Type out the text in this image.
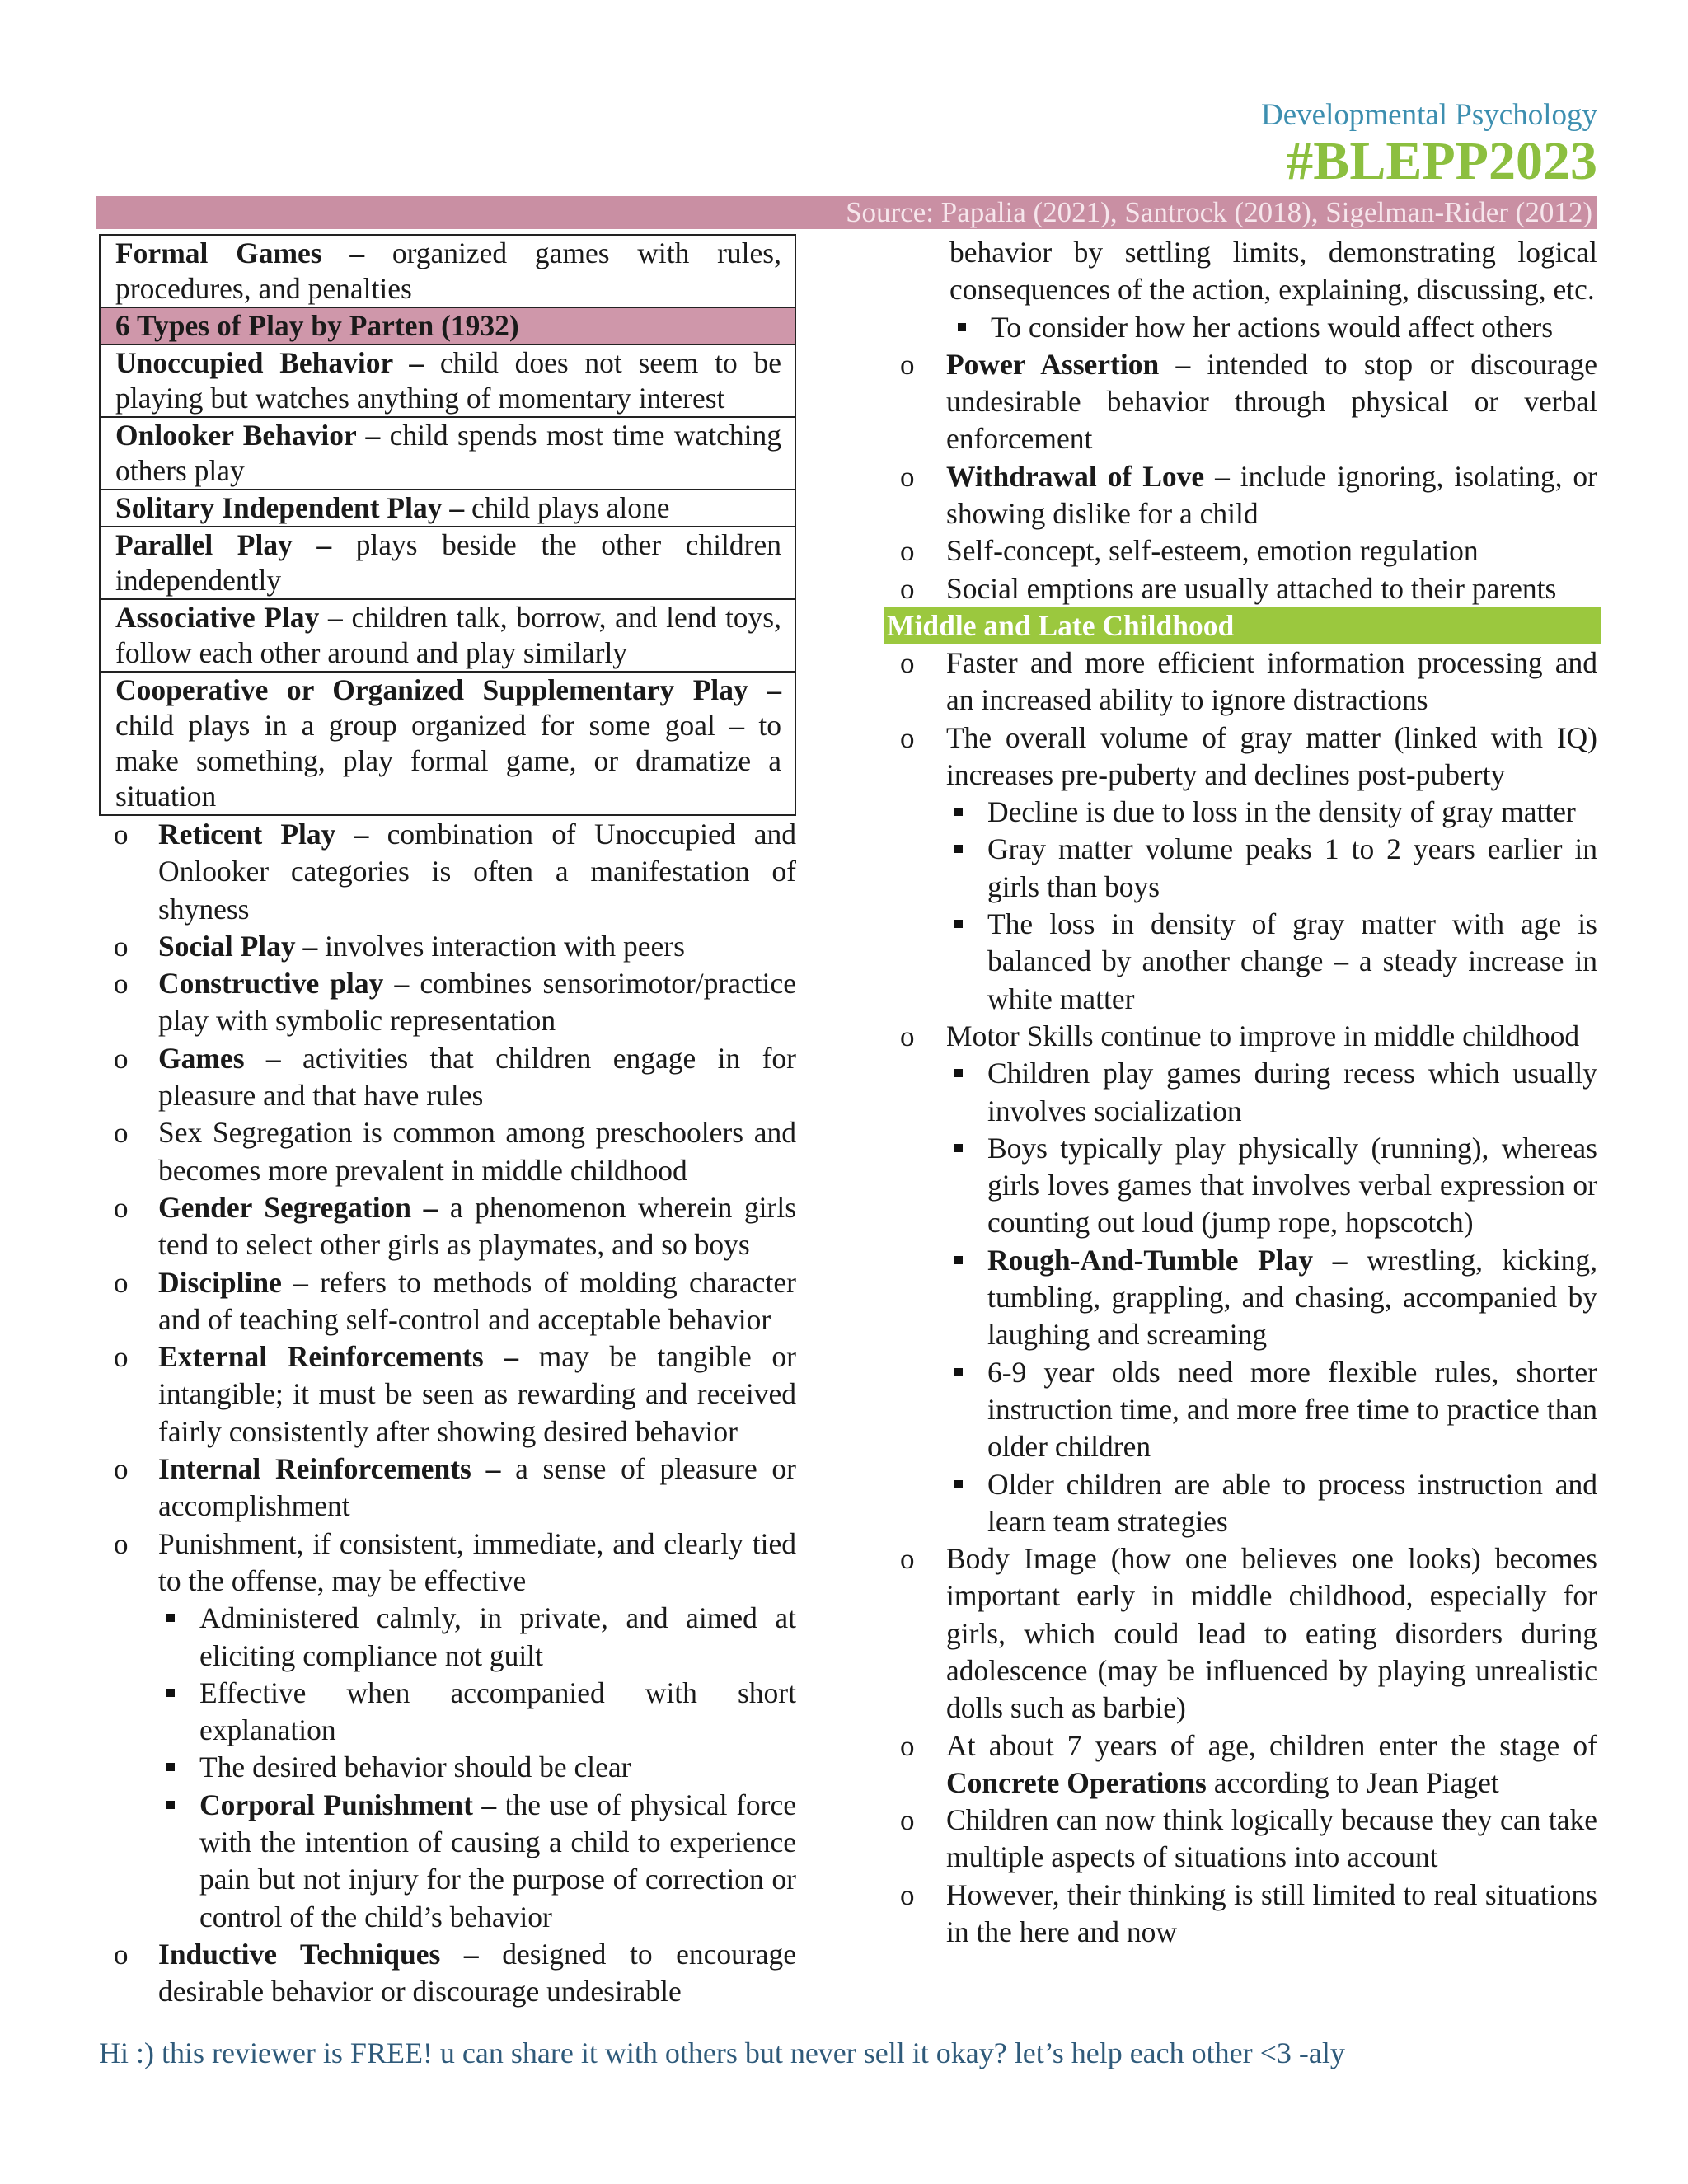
Developmental Psychology
#BLEPP2023
Source: Papalia (2021), Santrock (2018), Sigelman-Rider (2012)
Formal Games – organized games with rules, procedures, and penalties
6 Types of Play by Parten (1932)
Unoccupied Behavior – child does not seem to be playing but watches anything of momentary interest
Onlooker Behavior – child spends most time watching others play
Solitary Independent Play – child plays alone
Parallel Play – plays beside the other children independently
Associative Play – children talk, borrow, and lend toys, follow each other around and play similarly
Cooperative or Organized Supplementary Play – child plays in a group organized for some goal – to make something, play formal game, or dramatize a situation
o Reticent Play – combination of Unoccupied and Onlooker categories is often a manifestation of shyness
o Social Play – involves interaction with peers
o Constructive play – combines sensorimotor/practice play with symbolic representation
o Games – activities that children engage in for pleasure and that have rules
o Sex Segregation is common among preschoolers and becomes more prevalent in middle childhood
o Gender Segregation – a phenomenon wherein girls tend to select other girls as playmates, and so boys
o Discipline – refers to methods of molding character and of teaching self-control and acceptable behavior
o External Reinforcements – may be tangible or intangible; it must be seen as rewarding and received fairly consistently after showing desired behavior
o Internal Reinforcements – a sense of pleasure or accomplishment
o Punishment, if consistent, immediate, and clearly tied to the offense, may be effective
Administered calmly, in private, and aimed at eliciting compliance not guilt
Effective when accompanied with short explanation
The desired behavior should be clear
Corporal Punishment – the use of physical force with the intention of causing a child to experience pain but not injury for the purpose of correction or control of the child’s behavior
o Inductive Techniques – designed to encourage desirable behavior or discourage undesirable
behavior by settling limits, demonstrating logical consequences of the action, explaining, discussing, etc.
To consider how her actions would affect others
o Power Assertion – intended to stop or discourage undesirable behavior through physical or verbal enforcement
o Withdrawal of Love – include ignoring, isolating, or showing dislike for a child
o Self-concept, self-esteem, emotion regulation
o Social emptions are usually attached to their parents
Middle and Late Childhood
o Faster and more efficient information processing and an increased ability to ignore distractions
o The overall volume of gray matter (linked with IQ) increases pre-puberty and declines post-puberty
Decline is due to loss in the density of gray matter
Gray matter volume peaks 1 to 2 years earlier in girls than boys
The loss in density of gray matter with age is balanced by another change – a steady increase in white matter
o Motor Skills continue to improve in middle childhood
Children play games during recess which usually involves socialization
Boys typically play physically (running), whereas girls loves games that involves verbal expression or counting out loud (jump rope, hopscotch)
Rough-And-Tumble Play – wrestling, kicking, tumbling, grappling, and chasing, accompanied by laughing and screaming
6-9 year olds need more flexible rules, shorter instruction time, and more free time to practice than older children
Older children are able to process instruction and learn team strategies
o Body Image (how one believes one looks) becomes important early in middle childhood, especially for girls, which could lead to eating disorders during adolescence (may be influenced by playing unrealistic dolls such as barbie)
o At about 7 years of age, children enter the stage of Concrete Operations according to Jean Piaget
o Children can now think logically because they can take multiple aspects of situations into account
o However, their thinking is still limited to real situations in the here and now
Hi :) this reviewer is FREE! u can share it with others but never sell it okay? let’s help each other <3 -aly
